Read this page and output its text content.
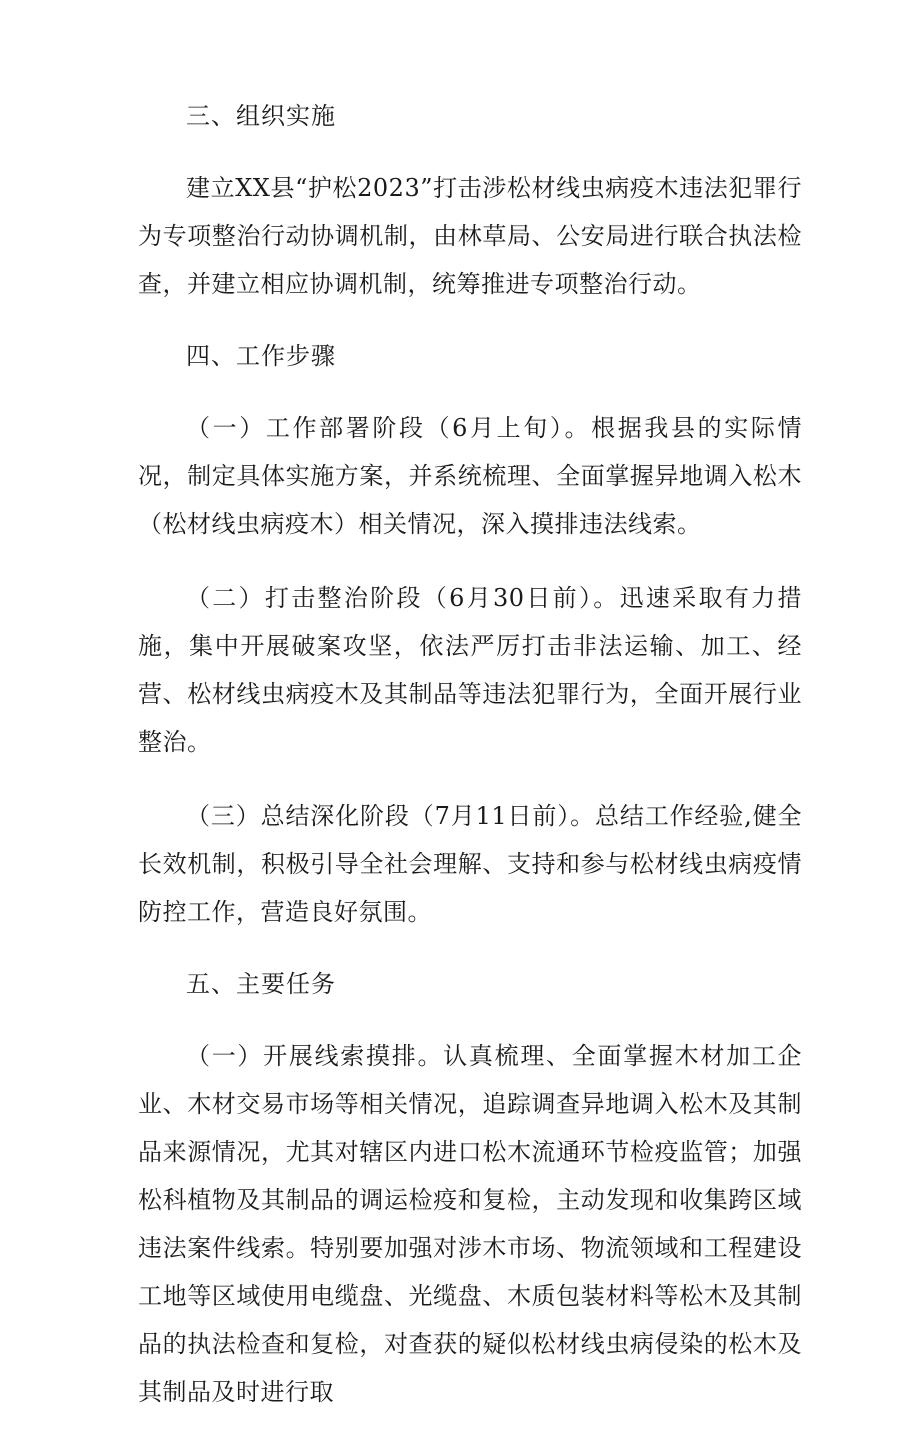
三、组织实施

建立XX县“护松2023”打击涉松材线虫病疫木违法犯罪行为专项整治行动协调机制，由林草局、公安局进行联合执法检查，并建立相应协调机制，统筹推进专项整治行动。

四、工作步骤

（一）工作部署阶段（6月上旬）。根据我县的实际情况，制定具体实施方案，并系统梳理、全面掌握异地调入松木（松材线虫病疫木）相关情况，深入摸排违法线索。

（二）打击整治阶段（6月30日前）。迅速采取有力措施，集中开展破案攻坚，依法严厉打击非法运输、加工、经营、松材线虫病疫木及其制品等违法犯罪行为，全面开展行业整治。

（三）总结深化阶段（7月11日前）。总结工作经验,健全长效机制，积极引导全社会理解、支持和参与松材线虫病疫情防控工作，营造良好氛围。

五、主要任务

（一）开展线索摸排。认真梳理、全面掌握木材加工企业、木材交易市场等相关情况，追踪调查异地调入松木及其制品来源情况，尤其对辖区内进口松木流通环节检疫监管；加强松科植物及其制品的调运检疫和复检，主动发现和收集跨区域违法案件线索。特别要加强对涉木市场、物流领域和工程建设工地等区域使用电缆盘、光缆盘、木质包装材料等松木及其制品的执法检查和复检，对查获的疑似松材线虫病侵染的松木及其制品及时进行取
